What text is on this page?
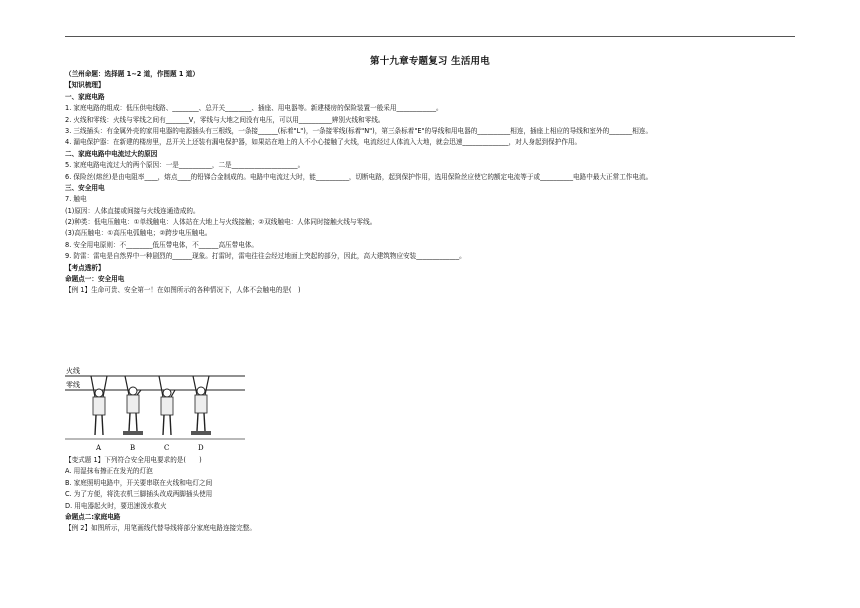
第十九章专题复习 生活用电
（兰州命题：选择题 1~2 道，作图题 1 道）
【知识梳理】
一、家庭电路
1. 家庭电路的组成：低压供电线路、________、总开关________、插座、用电器等。新建楼房的保险装置一般采用____________。
2. 火线和零线：火线与零线之间有_______V，零线与大地之间没有电压，可以用__________辨别火线和零线。
3. 三线插头：有金属外壳的家用电器的电源插头有三根线，一条接______(标着"L")，一条接零线(标着"N")，第三条标着"E"的导线和用电器的__________相连，插座上相应的导线和室外的_______相连。
4. 漏电保护器：在新建的楼房里，总开关上还装有漏电保护器，如果站在地上的人不小心接触了火线，电流经过人体流入大地，就会迅速______________，对人身起到保护作用。
二、家庭电路中电流过大的原因
5. 家庭电路电流过大的两个原因：一是__________，二是____________________。
6. 保险丝(熔丝)是由电阻率____，熔点____的铅锑合金制成的。电路中电流过大时，能__________，切断电路，起到保护作用，选用保险丝应使它的额定电流等于或__________电路中最大正常工作电流。
三、安全用电
7. 触电
(1)原因：人体直接或间接与火线连通造成的。
(2)种类：低电压触电：①单线触电：人体站在大地上与火线接触；②双线触电：人体同时接触火线与零线。
(3)高压触电：①高压电弧触电；②跨步电压触电。
8. 安全用电原则：不________低压带电体，不______高压带电体。
9. 防雷：雷电是自然界中一种剧烈的______现象。打雷时，雷电往往会经过地面上突起的部分，因此，高大建筑物应安装_____________。
【考点透析】
命题点一：安全用电
【例 1】生命可贵、安全第一！在如图所示的各种情况下，人体不会触电的是(　)
火线
零线
A	B	C	D
【变式题 1】下列符合安全用电要求的是(　　)
A. 用湿抹布擦正在发光的灯泡
B. 家庭照明电路中，开关要串联在火线和电灯之间
C. 为了方便，将洗衣机三脚插头改成两脚插头使用
D. 用电器起火时，要迅速泼水救火
命题点二:家庭电路
【例 2】如图所示，用笔画线代替导线将部分家庭电路连接完整。
